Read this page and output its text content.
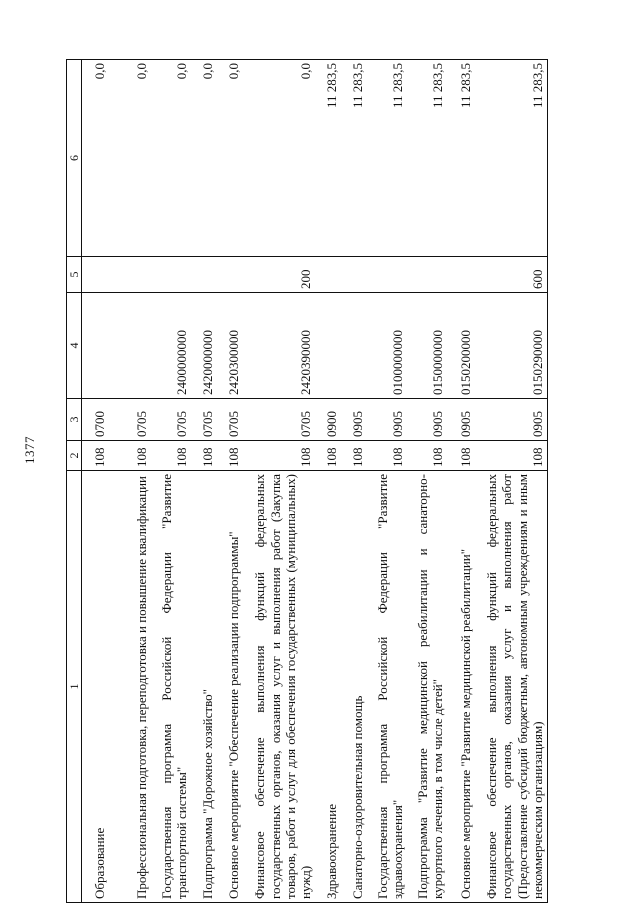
1377
1	2	3	4	5	6
Образование	108	0700			0,0
Профессиональная подготовка, переподготовка и повышение квалификации	108	0705			0,0
Государственная программа Российской Федерации "Развитие транспортной системы"	108	0705	2400000000		0,0
Подпрограмма "Дорожное хозяйство"	108	0705	2420000000		0,0
Основное мероприятие "Обеспечение реализации подпрограммы"	108	0705	2420300000		0,0
Финансовое обеспечение выполнения функций федеральных государственных органов, оказания услуг и выполнения работ (Закупка товаров, работ и услуг для обеспечения государственных (муниципальных) нужд)	108	0705	2420390000	200	0,0
Здравоохранение	108	0900			11 283,5
Санаторно-оздоровительная помощь	108	0905			11 283,5
Государственная программа Российской Федерации "Развитие здравоохранения"	108	0905	0100000000		11 283,5
Подпрограмма "Развитие медицинской реабилитации и санаторно-курортного лечения, в том числе детей"	108	0905	0150000000		11 283,5
Основное мероприятие "Развитие медицинской реабилитации"	108	0905	0150200000		11 283,5
Финансовое обеспечение выполнения функций федеральных государственных органов, оказания услуг и выполнения работ (Предоставление субсидий бюджетным, автономным учреждениям и иным некоммерческим организациям)	108	0905	0150290000	600	11 283,5
